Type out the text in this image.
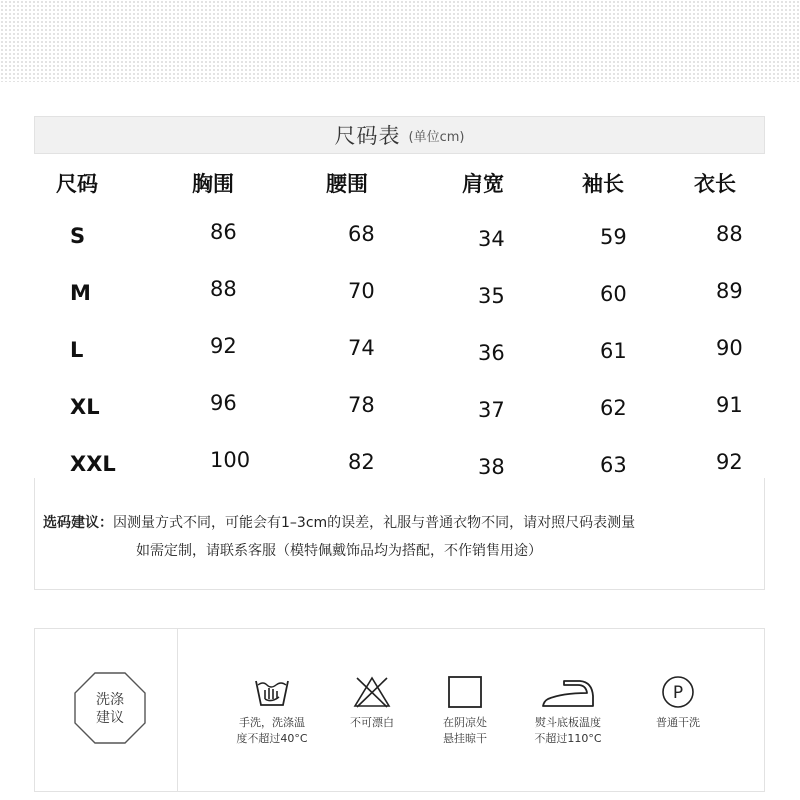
尺码表 (单位cm)
尺码	胸围	腰围	肩宽	袖长	衣长
S	86	68	34	59	88
M	88	70	35	60	89
L	92	74	36	61	90
XL	96	78	37	62	91
XXL	100	82	38	63	92
选码建议：因测量方式不同，可能会有1–3cm的误差，礼服与普通衣物不同，请对照尺码表测量
如需定制，请联系客服（模特佩戴饰品均为搭配，不作销售用途）
洗涤
建议	手洗，洗涤温
度不超过40°C
不可漂白	在阴凉处
悬挂晾干
熨斗底板温度
不超过110°C
P
普通干洗
